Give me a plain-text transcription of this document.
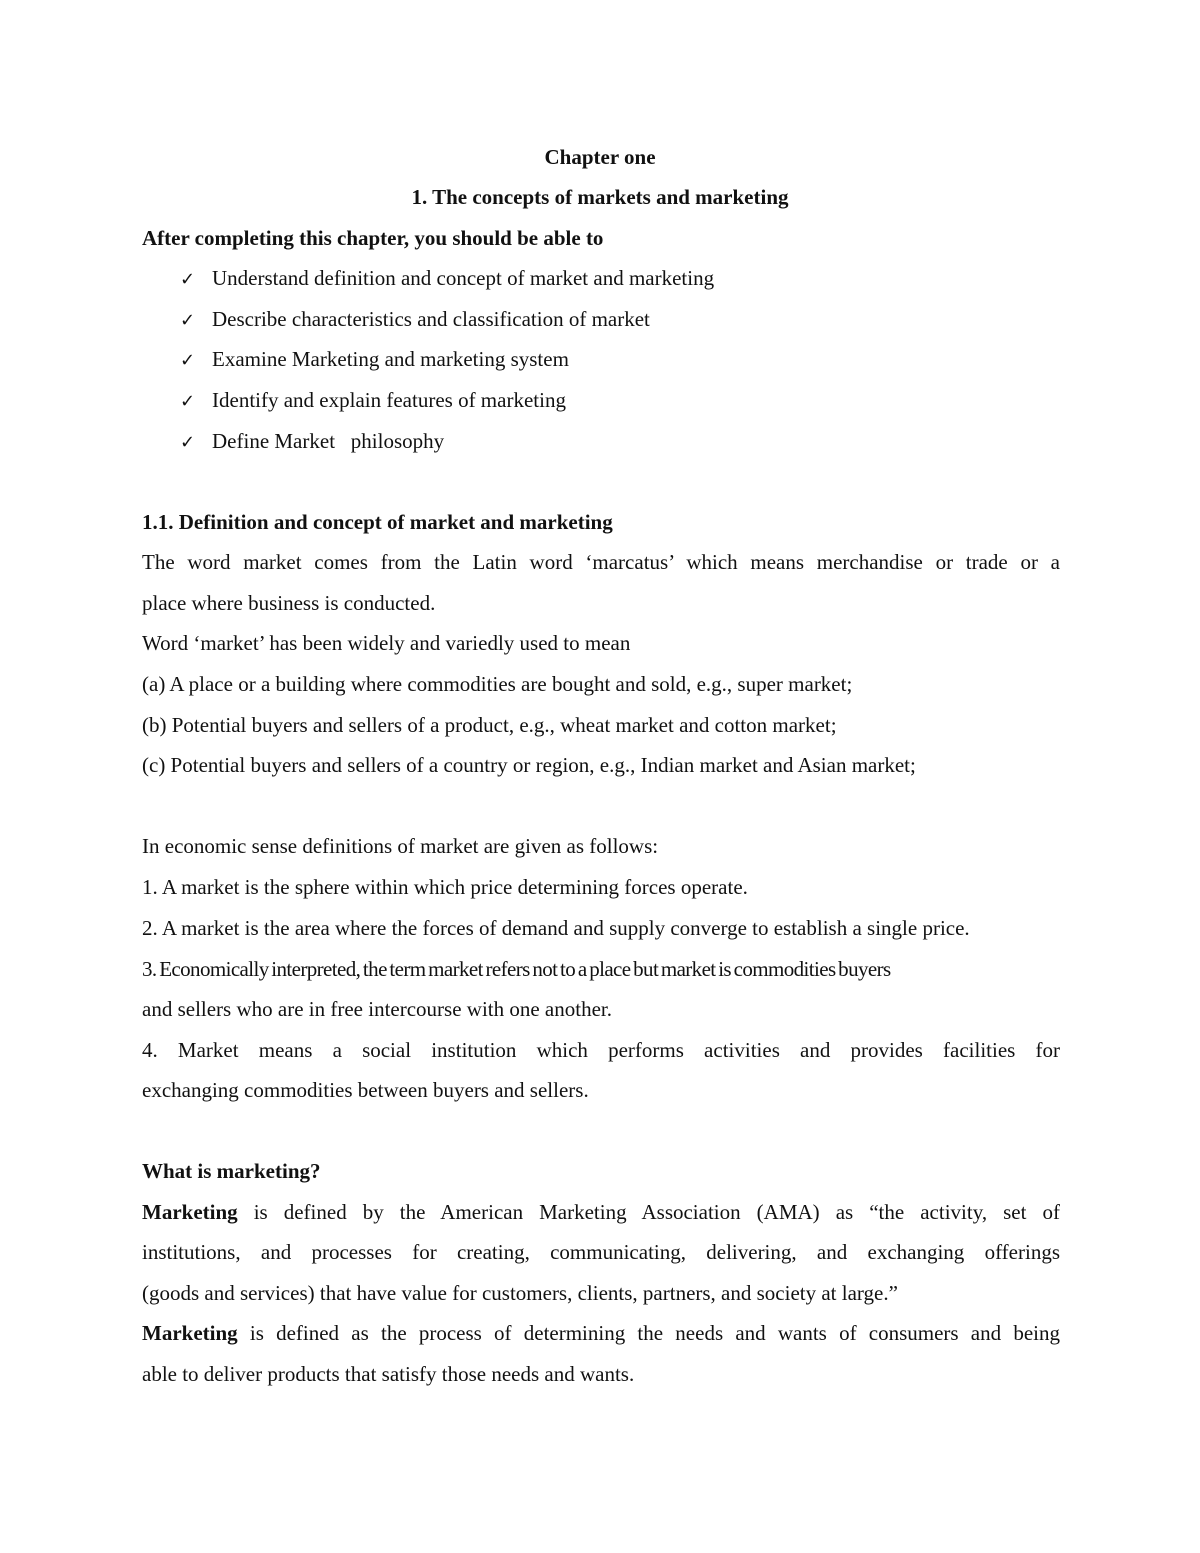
Chapter one
1. The concepts of markets and marketing
After completing this chapter, you should be able to
✓ Understand definition and concept of market and marketing
✓ Describe characteristics and classification of market
✓ Examine Marketing and marketing system
✓ Identify and explain features of marketing
✓ Define Market   philosophy
1.1. Definition and concept of market and marketing
The word market comes from the Latin word ‘marcatus’ which means merchandise or trade or a
place where business is conducted.
Word ‘market’ has been widely and variedly used to mean
(a) A place or a building where commodities are bought and sold, e.g., super market;
(b) Potential buyers and sellers of a product, e.g., wheat market and cotton market;
(c) Potential buyers and sellers of a country or region, e.g., Indian market and Asian market;
In economic sense definitions of market are given as follows:
1. A market is the sphere within which price determining forces operate.
2. A market is the area where the forces of demand and supply converge to establish a single price.
3. Economically interpreted, the term market refers not to a place but market is commodities buyers
and sellers who are in free intercourse with one another.
4. Market means a social institution which performs activities and provides facilities for
exchanging commodities between buyers and sellers.
What is marketing?
Marketing is defined by the American Marketing Association (AMA) as “the activity, set of
institutions, and processes for creating, communicating, delivering, and exchanging offerings
(goods and services) that have value for customers, clients, partners, and society at large.”
Marketing is defined as the process of determining the needs and wants of consumers and being
able to deliver products that satisfy those needs and wants.
